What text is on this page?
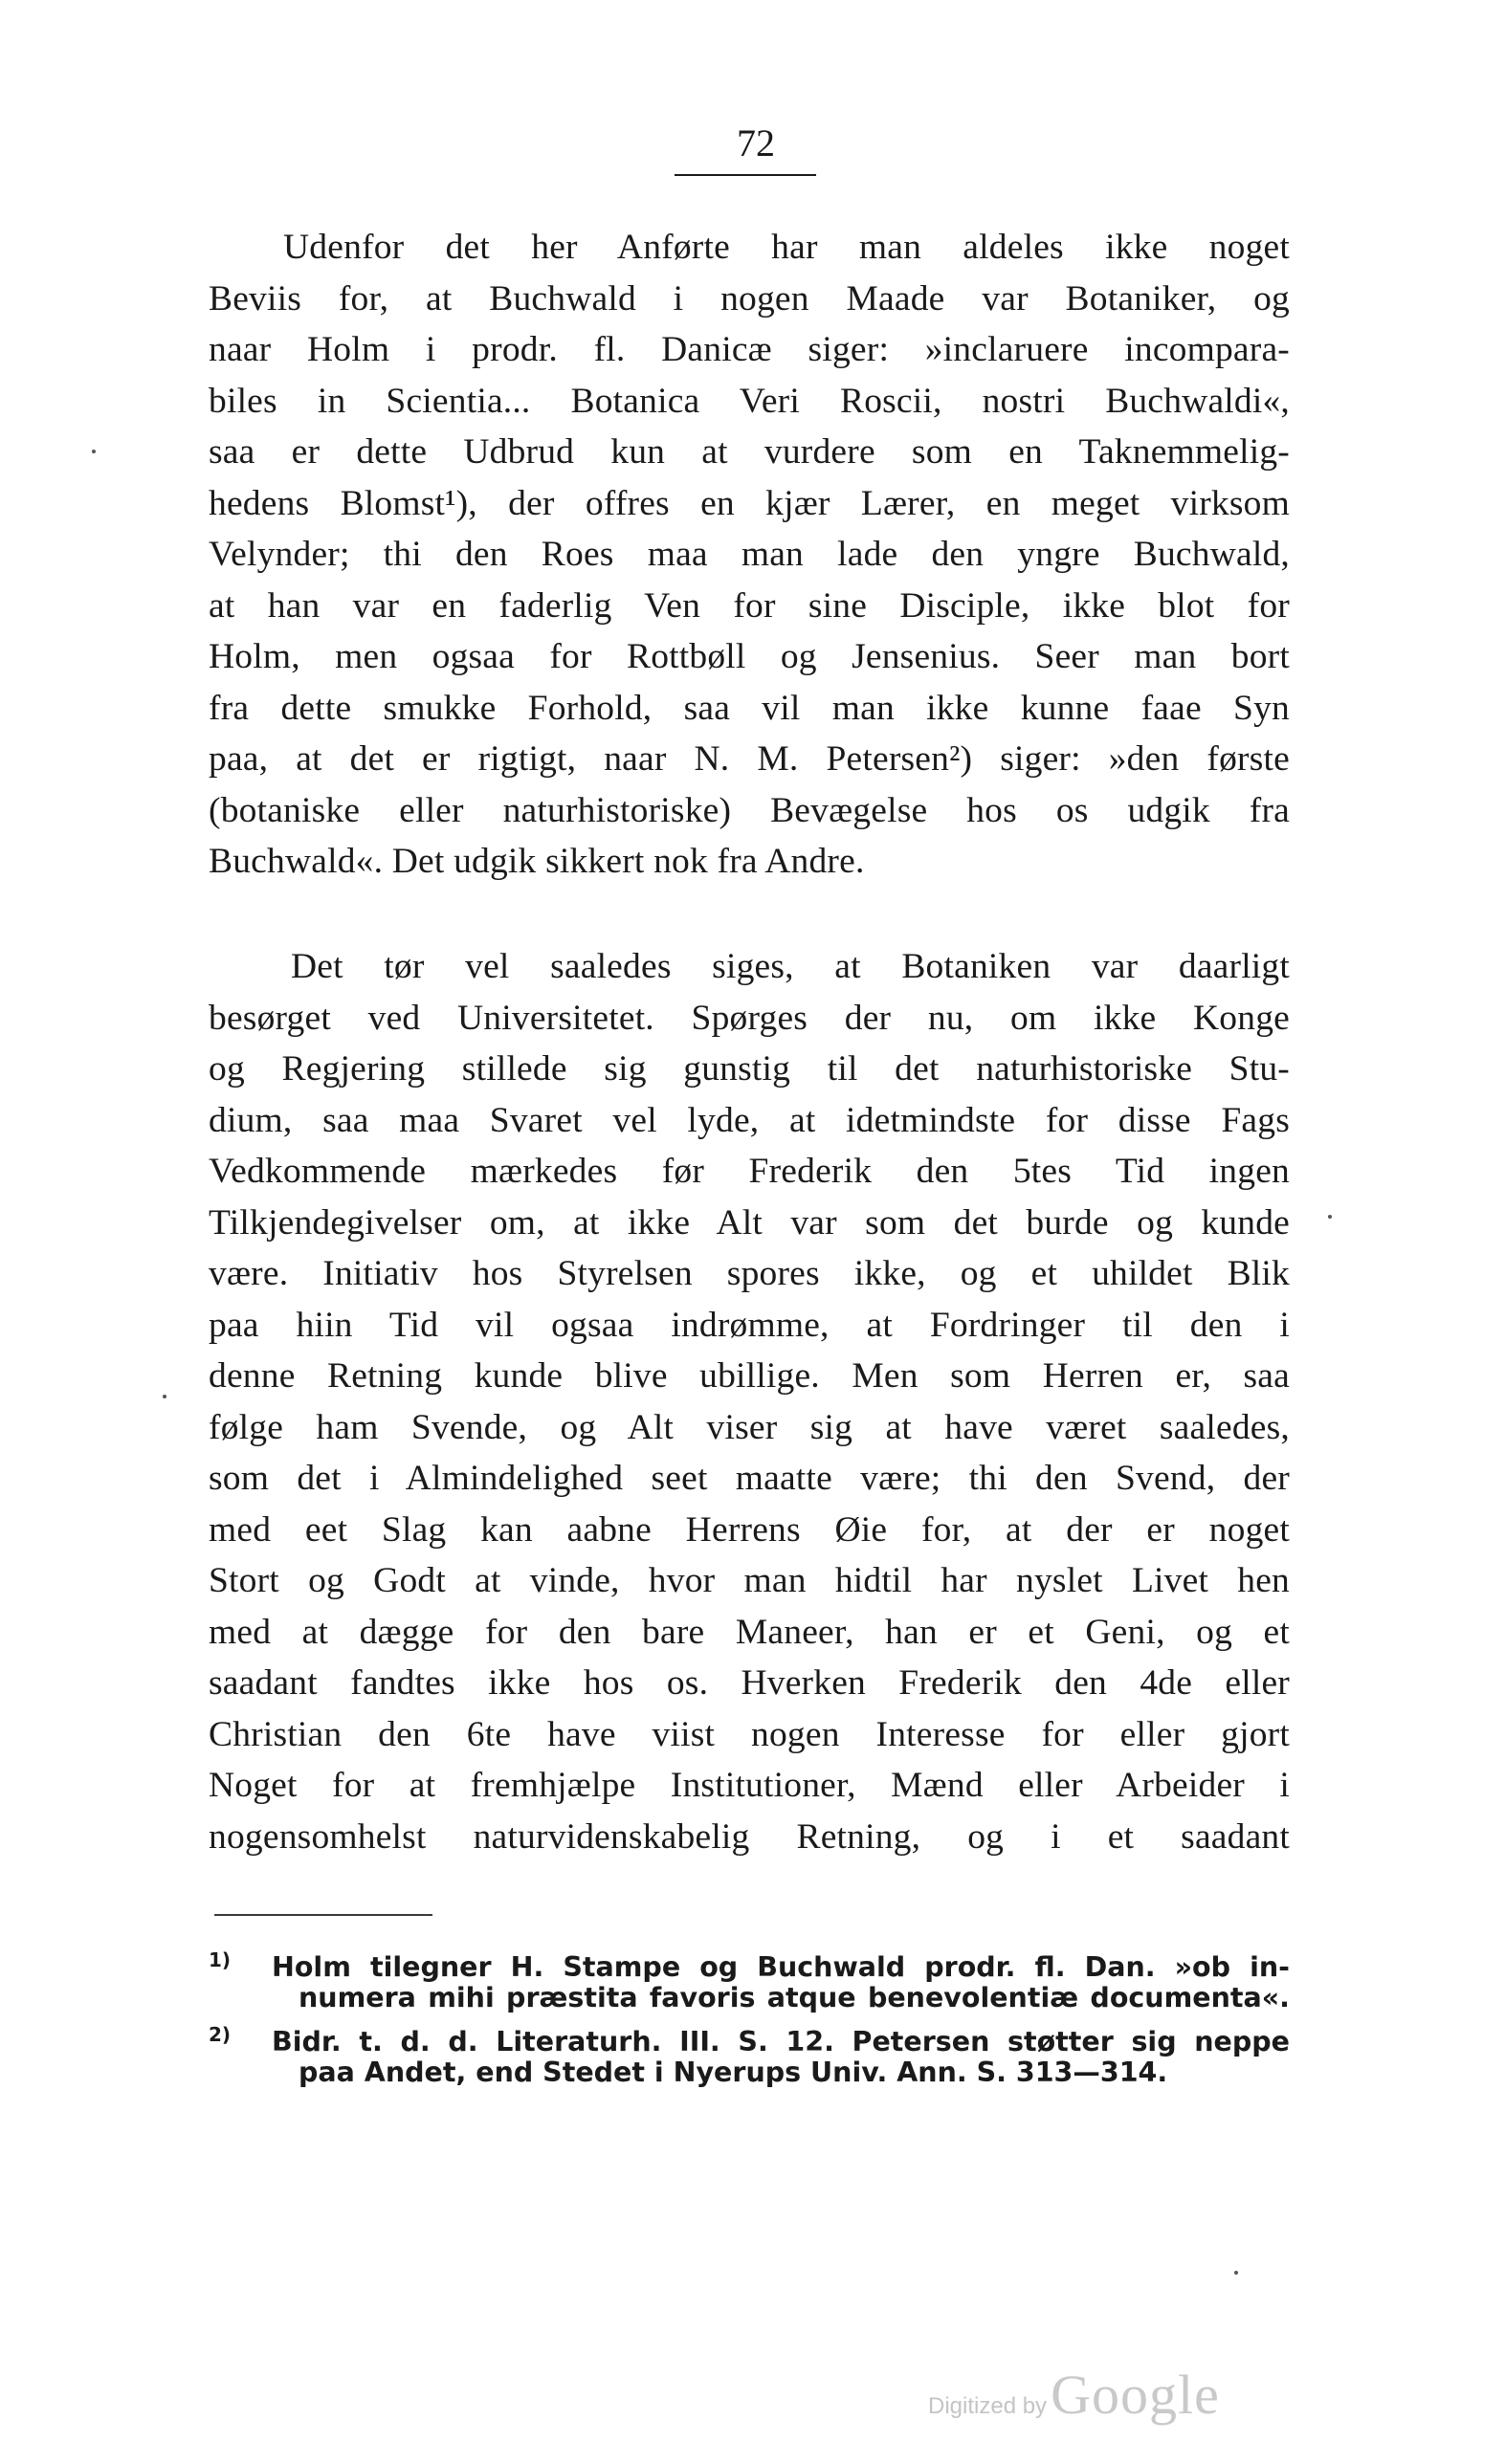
72
Udenfor det her Anførte har man aldeles ikke noget
Beviis for, at Buchwald i nogen Maade var Botaniker, og
naar Holm i prodr. fl. Danicæ siger: »inclaruere incompara-
biles in Scientia... Botanica Veri Roscii, nostri Buchwaldi«,
saa er dette Udbrud kun at vurdere som en Taknemmelig-
hedens Blomst¹), der offres en kjær Lærer, en meget virksom
Velynder; thi den Roes maa man lade den yngre Buchwald,
at han var en faderlig Ven for sine Disciple, ikke blot for
Holm, men ogsaa for Rottbøll og Jensenius. Seer man bort
fra dette smukke Forhold, saa vil man ikke kunne faae Syn
paa, at det er rigtigt, naar N. M. Petersen²) siger: »den første
(botaniske eller naturhistoriske) Bevægelse hos os udgik fra
Buchwald«. Det udgik sikkert nok fra Andre.
Det tør vel saaledes siges, at Botaniken var daarligt
besørget ved Universitetet. Spørges der nu, om ikke Konge
og Regjering stillede sig gunstig til det naturhistoriske Stu-
dium, saa maa Svaret vel lyde, at idetmindste for disse Fags
Vedkommende mærkedes før Frederik den 5tes Tid ingen
Tilkjendegivelser om, at ikke Alt var som det burde og kunde
være. Initiativ hos Styrelsen spores ikke, og et uhildet Blik
paa hiin Tid vil ogsaa indrømme, at Fordringer til den i
denne Retning kunde blive ubillige. Men som Herren er, saa
følge ham Svende, og Alt viser sig at have været saaledes,
som det i Almindelighed seet maatte være; thi den Svend, der
med eet Slag kan aabne Herrens Øie for, at der er noget
Stort og Godt at vinde, hvor man hidtil har nyslet Livet hen
med at dægge for den bare Maneer, han er et Geni, og et
saadant fandtes ikke hos os. Hverken Frederik den 4de eller
Christian den 6te have viist nogen Interesse for eller gjort
Noget for at fremhjælpe Institutioner, Mænd eller Arbeider i
nogensomhelst naturvidenskabelig Retning, og i et saadant
$^{1)}$ Holm tilegner H. Stampe og Buchwald prodr. fl. Dan. »ob in-
numera mihi præstita favoris atque benevolentiæ documenta«.
$^{2)}$ Bidr. t. d. d. Literaturh. III. S. 12. Petersen støtter sig neppe
paa Andet, end Stedet i Nyerups Univ. Ann. S. 313—314.
Digitized by Google
